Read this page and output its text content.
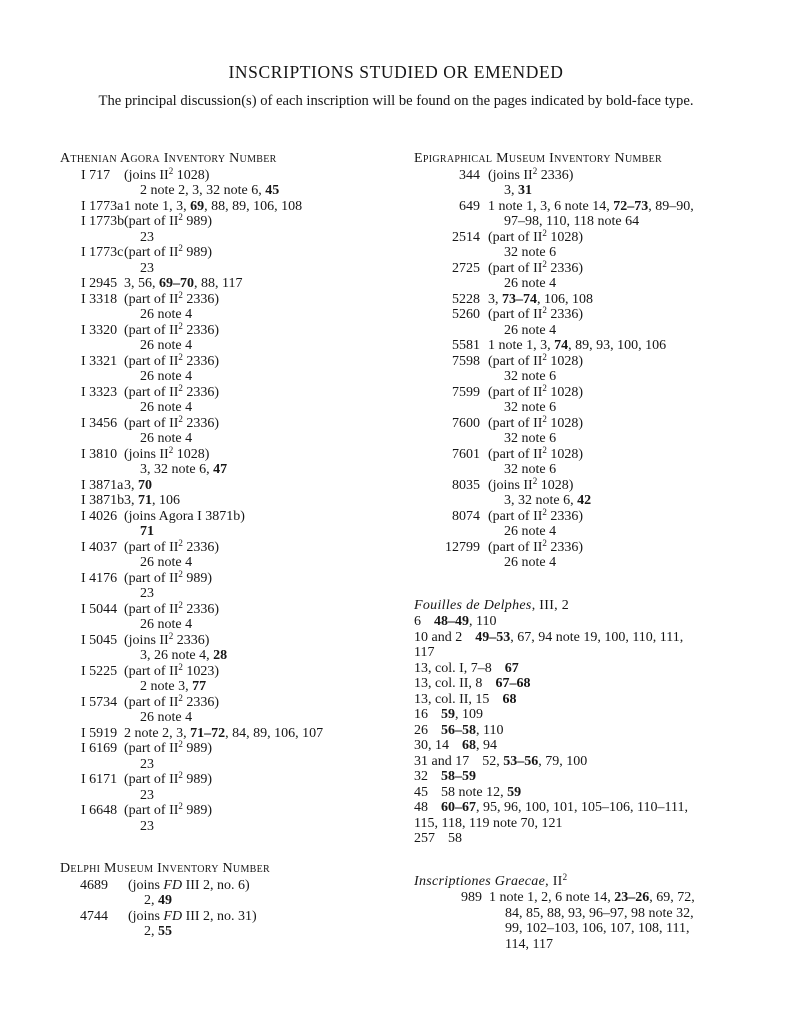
INSCRIPTIONS STUDIED OR EMENDED
The principal discussion(s) of each inscription will be found on the pages indicated by bold-face type.
Athenian Agora Inventory Number
I 717 (joins $II^2$ 1028)
2 note 2, 3, 32 note 6, 45
I 1773a 1 note 1, 3, 69, 88, 89, 106, 108
I 1773b (part of $II^2$ 989)
23
I 1773c (part of $II^2$ 989)
23
I 2945 3, 56, 69–70, 88, 117
I 3318 (part of $II^2$ 2336)
26 note 4
I 3320 (part of $II^2$ 2336)
26 note 4
I 3321 (part of $II^2$ 2336)
26 note 4
I 3323 (part of $II^2$ 2336)
26 note 4
I 3456 (part of $II^2$ 2336)
26 note 4
I 3810 (joins $II^2$ 1028)
3, 32 note 6, 47
I 3871a 3, 70
I 3871b 3, 71, 106
I 4026 (joins Agora I 3871b)
71
I 4037 (part of $II^2$ 2336)
26 note 4
I 4176 (part of $II^2$ 989)
23
I 5044 (part of $II^2$ 2336)
26 note 4
I 5045 (joins $II^2$ 2336)
3, 26 note 4, 28
I 5225 (part of $II^2$ 1023)
2 note 3, 77
I 5734 (part of $II^2$ 2336)
26 note 4
I 5919 2 note 2, 3, 71–72, 84, 89, 106, 107
I 6169 (part of $II^2$ 989)
23
I 6171 (part of $II^2$ 989)
23
I 6648 (part of $II^2$ 989)
23
Delphi Museum Inventory Number
4689	(joins FD III 2, no. 6)
2, 49
4744	(joins FD III 2, no. 31)
2, 55
Epigraphical Museum Inventory Number
344 (joins $II^2$ 2336)
3, 31
649 1 note 1, 3, 6 note 14, 72–73, 89–90,
97–98, 110, 118 note 64
2514 (part of $II^2$ 1028)
32 note 6
2725 (part of $II^2$ 2336)
26 note 4
5228 3, 73–74, 106, 108
5260 (part of $II^2$ 2336)
26 note 4
5581 1 note 1, 3, 74, 89, 93, 100, 106
7598 (part of $II^2$ 1028)
32 note 6
7599 (part of $II^2$ 1028)
32 note 6
7600 (part of $II^2$ 1028)
32 note 6
7601 (part of $II^2$ 1028)
32 note 6
8035 (joins $II^2$ 1028)
3, 32 note 6, 42
8074 (part of $II^2$ 2336)
26 note 4
12799 (part of $II^2$ 2336)
26 note 4
Fouilles de Delphes, III, 2
6 48–49, 110
10 and 2 49–53, 67, 94 note 19, 100, 110, 111,
117
13, col. I, 7–8 67
13, col. II, 8 67–68
13, col. II, 15 68
16 59, 109
26 56–58, 110
30, 14 68, 94
31 and 17 52, 53–56, 79, 100
32 58–59
45 58 note 12, 59
48 60–67, 95, 96, 100, 101, 105–106, 110–111,
115, 118, 119 note 70, 121
257 58
Inscriptiones Graecae, $II^2$
989 1 note 1, 2, 6 note 14, 23–26, 69, 72,
84, 85, 88, 93, 96–97, 98 note 32,
99, 102–103, 106, 107, 108, 111,
114, 117
